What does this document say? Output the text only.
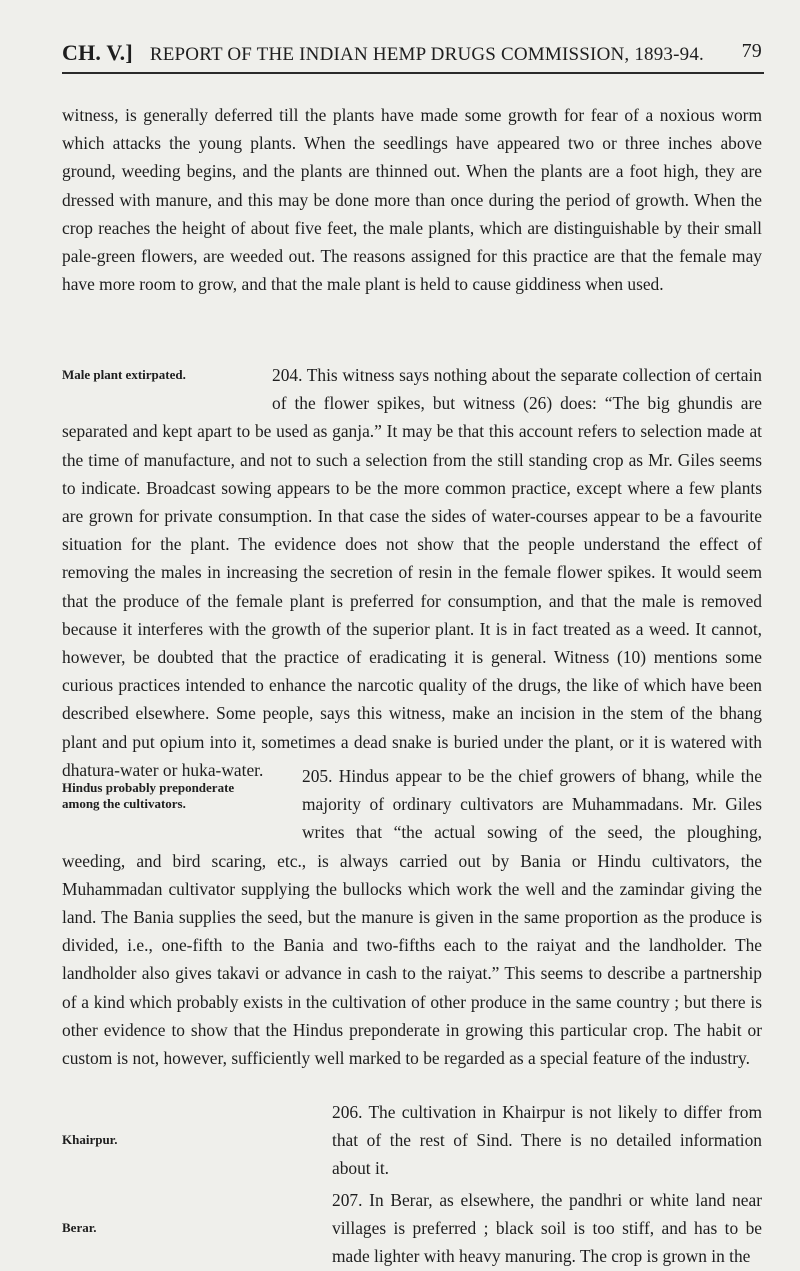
CH. V.] REPORT OF THE INDIAN HEMP DRUGS COMMISSION, 1893-94. 79

witness, is generally deferred till the plants have made some growth for fear of a noxious worm which attacks the young plants. When the seedlings have appeared two or three inches above ground, weeding begins, and the plants are thinned out. When the plants are a foot high, they are dressed with manure, and this may be done more than once during the period of growth. When the crop reaches the height of about five feet, the male plants, which are distinguishable by their small pale-green flowers, are weeded out. The reasons assigned for this practice are that the female may have more room to grow, and that the male plant is held to cause giddiness when used.

Male plant extirpated.	204. This witness says nothing about the separate collection of certain of the flower spikes, but witness (26) does: “The big ghundis are separated and kept apart to be used as ganja.” It may be that this account refers to selection made at the time of manufacture, and not to such a selection from the still standing crop as Mr. Giles seems to indicate. Broadcast sowing appears to be the more common practice, except where a few plants are grown for private consumption. In that case the sides of water-courses appear to be a favourite situation for the plant. The evidence does not show that the people understand the effect of removing the males in increasing the secretion of resin in the female flower spikes. It would seem that the produce of the female plant is preferred for consumption, and that the male is removed because it interferes with the growth of the superior plant. It is in fact treated as a weed. It cannot, however, be doubted that the practice of eradicating it is general. Witness (10) mentions some curious practices intended to enhance the narcotic quality of the drugs, the like of which have been described elsewhere. Some people, says this witness, make an incision in the stem of the bhang plant and put opium into it, sometimes a dead snake is buried under the plant, or it is watered with dhatura-water or huka-water.

Hindus probably preponderate among the cultivators.
205. Hindus appear to be the chief growers of bhang, while the majority of ordinary cultivators are Muhammadans. Mr. Giles writes that “the actual sowing of the seed, the ploughing, weeding, and bird scaring, etc., is always carried out by Bania or Hindu cultivators, the Muhammadan cultivator supplying the bullocks which work the well and the zamindar giving the land. The Bania supplies the seed, but the manure is given in the same proportion as the produce is divided, i.e., one-fifth to the Bania and two-fifths each to the raiyat and the landholder. The landholder also gives takavi or advance in cash to the raiyat.” This seems to describe a partnership of a kind which probably exists in the cultivation of other produce in the same country ; but there is other evidence to show that the Hindus preponderate in growing this particular crop. The habit or custom is not, however, sufficiently well marked to be regarded as a special feature of the industry.

Khairpur.
206. The cultivation in Khairpur is not likely to differ from that of the rest of Sind. There is no detailed information about it.

Berar.
207. In Berar, as elsewhere, the pandhri or white land near villages is preferred ; black soil is too stiff, and has to be made lighter with heavy manuring. The crop is grown in the
